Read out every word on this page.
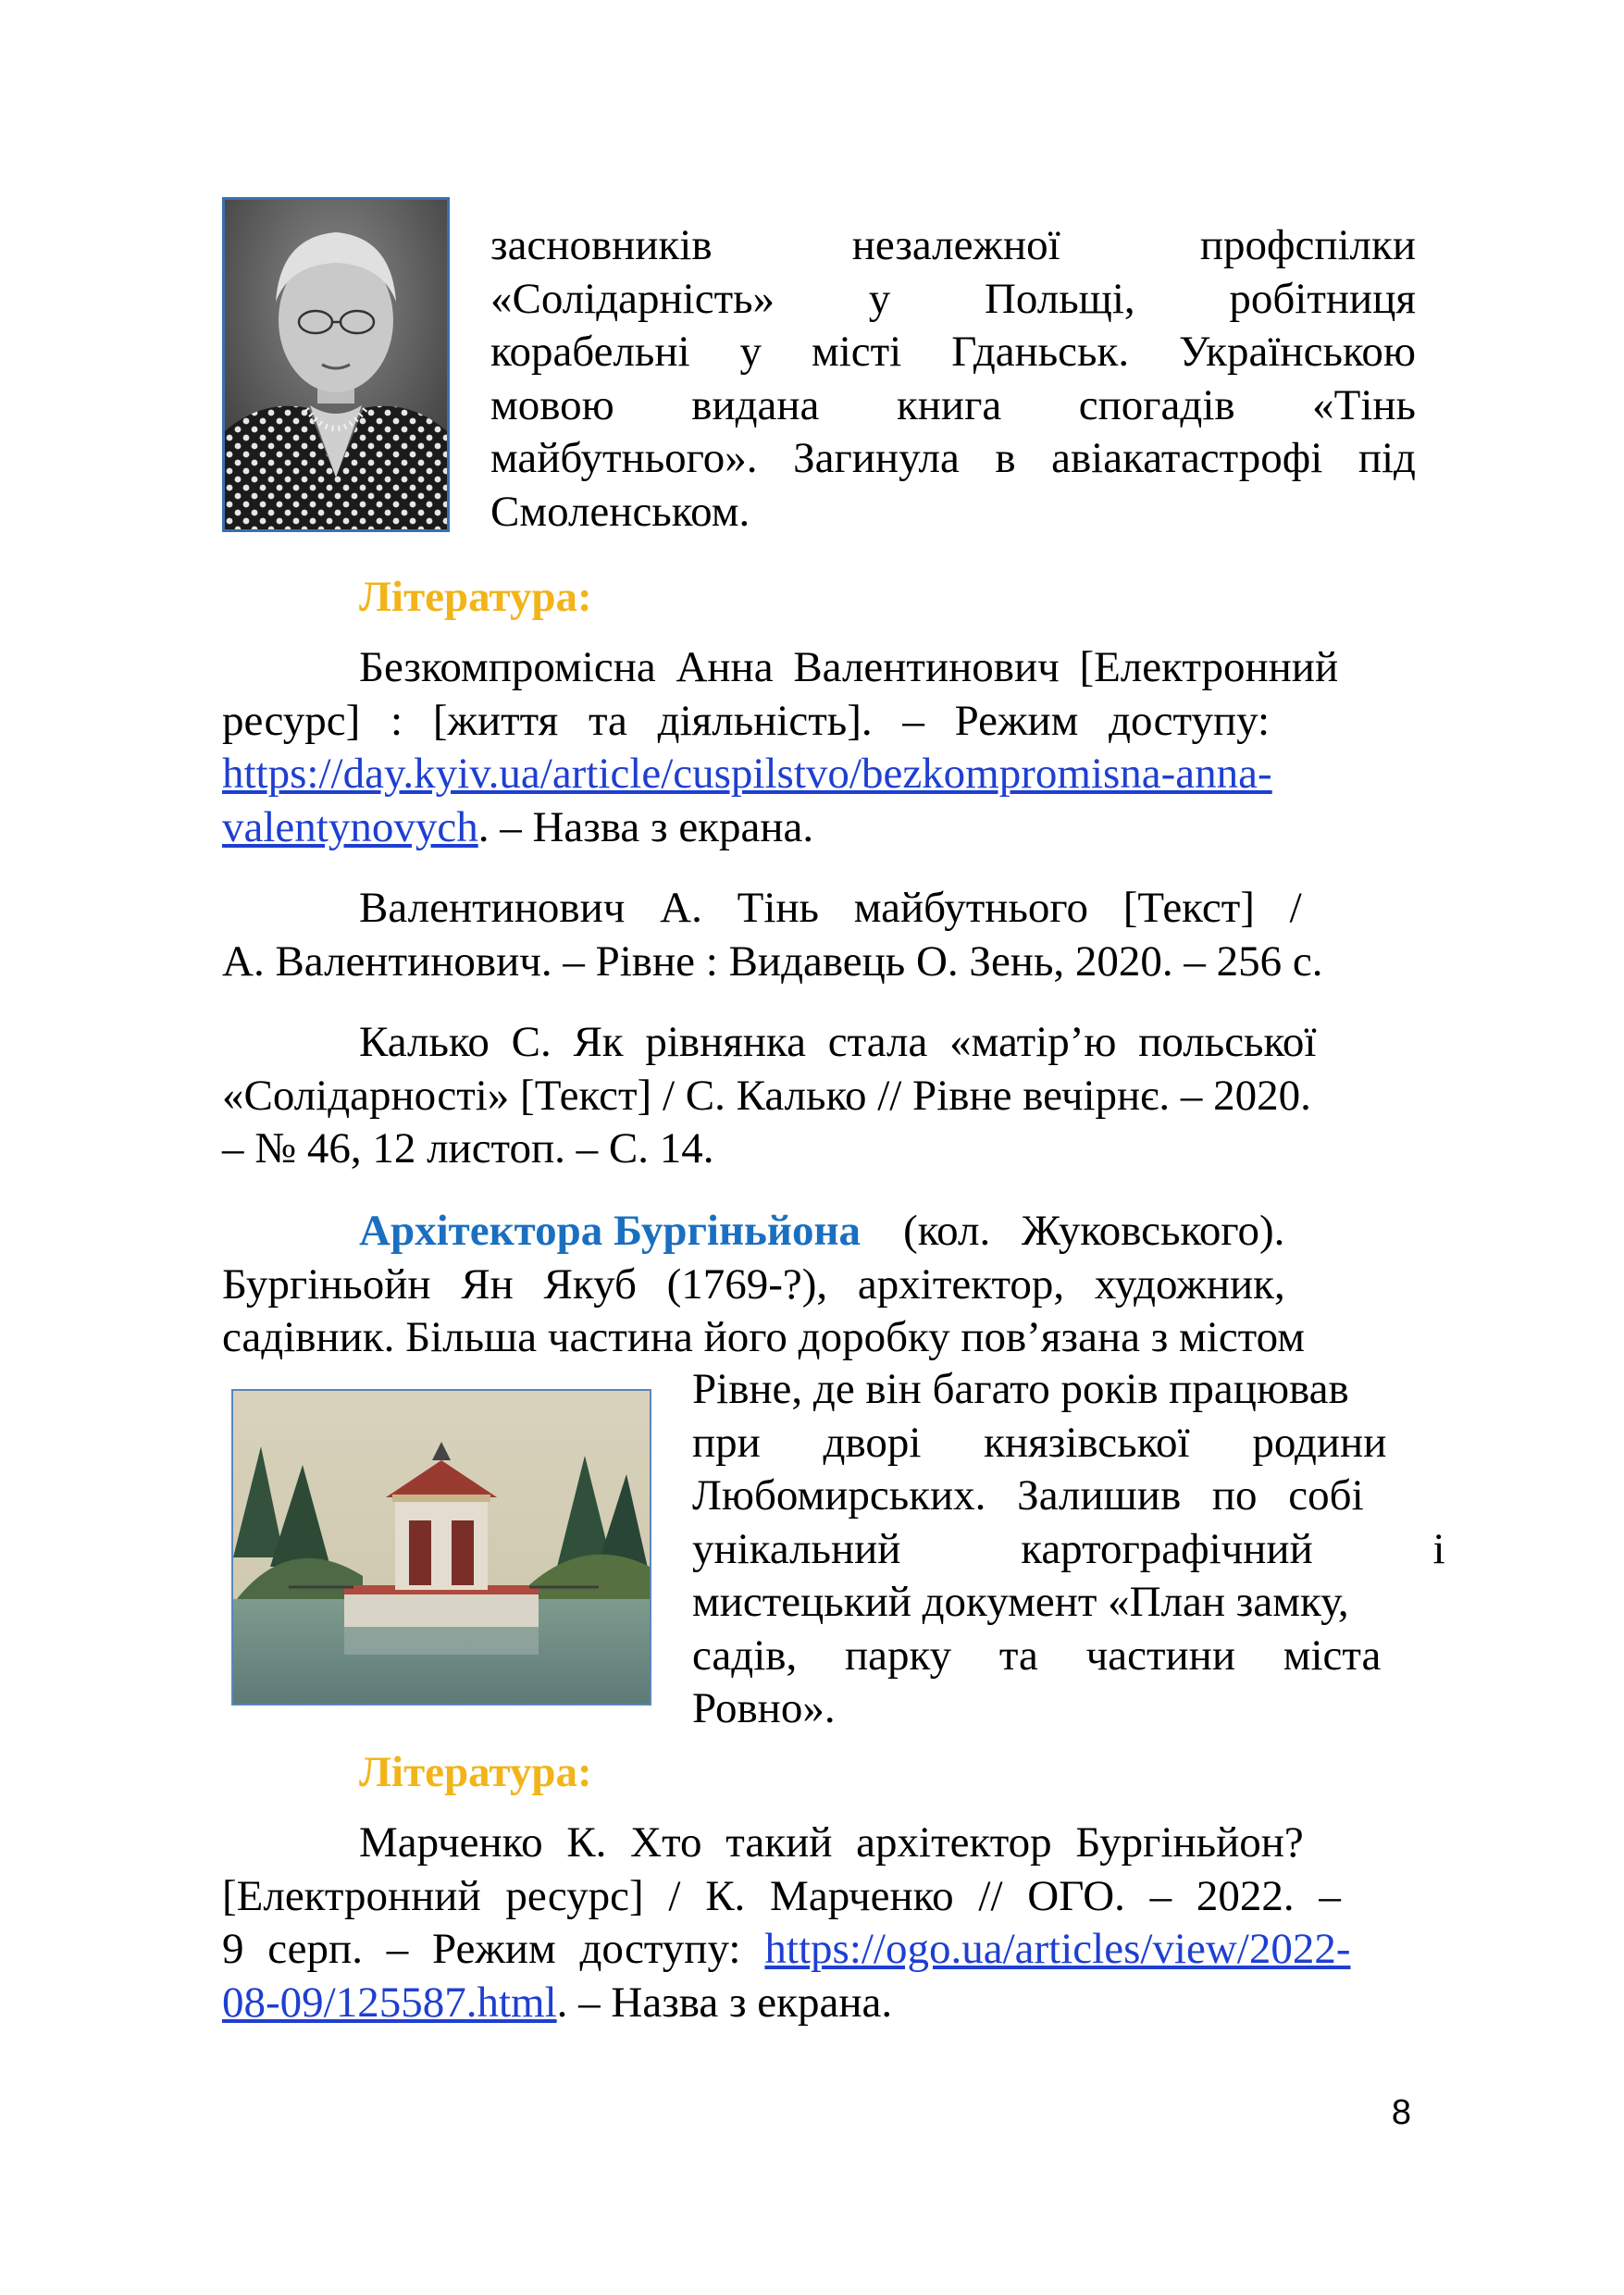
засновників	незалежної	профспілки
«Солідарність» у Польщі, робітниця
корабельні у місті Гданьськ. Українською
мовою видана книга спогадів «Тінь
майбутнього». Загинула в авіакатастрофі під
Смоленськом.
Література:
Безкомпромісна Анна Валентинович [Електронний
ресурс] : [життя та діяльність]. – Режим доступу:
https://day.kyiv.ua/article/cuspilstvo/bezkompromisna-anna-
valentynovych. – Назва з екрана.
Валентинович А. Тінь майбутнього [Текст] /
А. Валентинович. – Рівне : Видавець О. Зень, 2020. – 256 с.
Калько С. Як рівнянка стала «матір’ю польської
«Солідарності» [Текст] / С. Калько // Рівне вечірнє. – 2020.
– № 46, 12 листоп. – С. 14.
Архітектора Бургіньйона (кол. Жуковського).
Бургіньойн Ян Якуб (1769-?), архітектор, художник,
садівник. Більша частина його доробку пов’язана з містом
Рівне, де він багато років працював
при дворі князівської родини
Любомирських. Залишив по собі
унікальний картографічний і
мистецький документ «План замку,
садів, парку та частини міста
Ровно».
Література:
Марченко К. Хто такий архітектор Бургіньйон?
[Електронний ресурс] / К. Марченко // ОГО. – 2022. –
9 серп. – Режим доступу: https://ogo.ua/articles/view/2022-
08-09/125587.html. – Назва з екрана.
8
